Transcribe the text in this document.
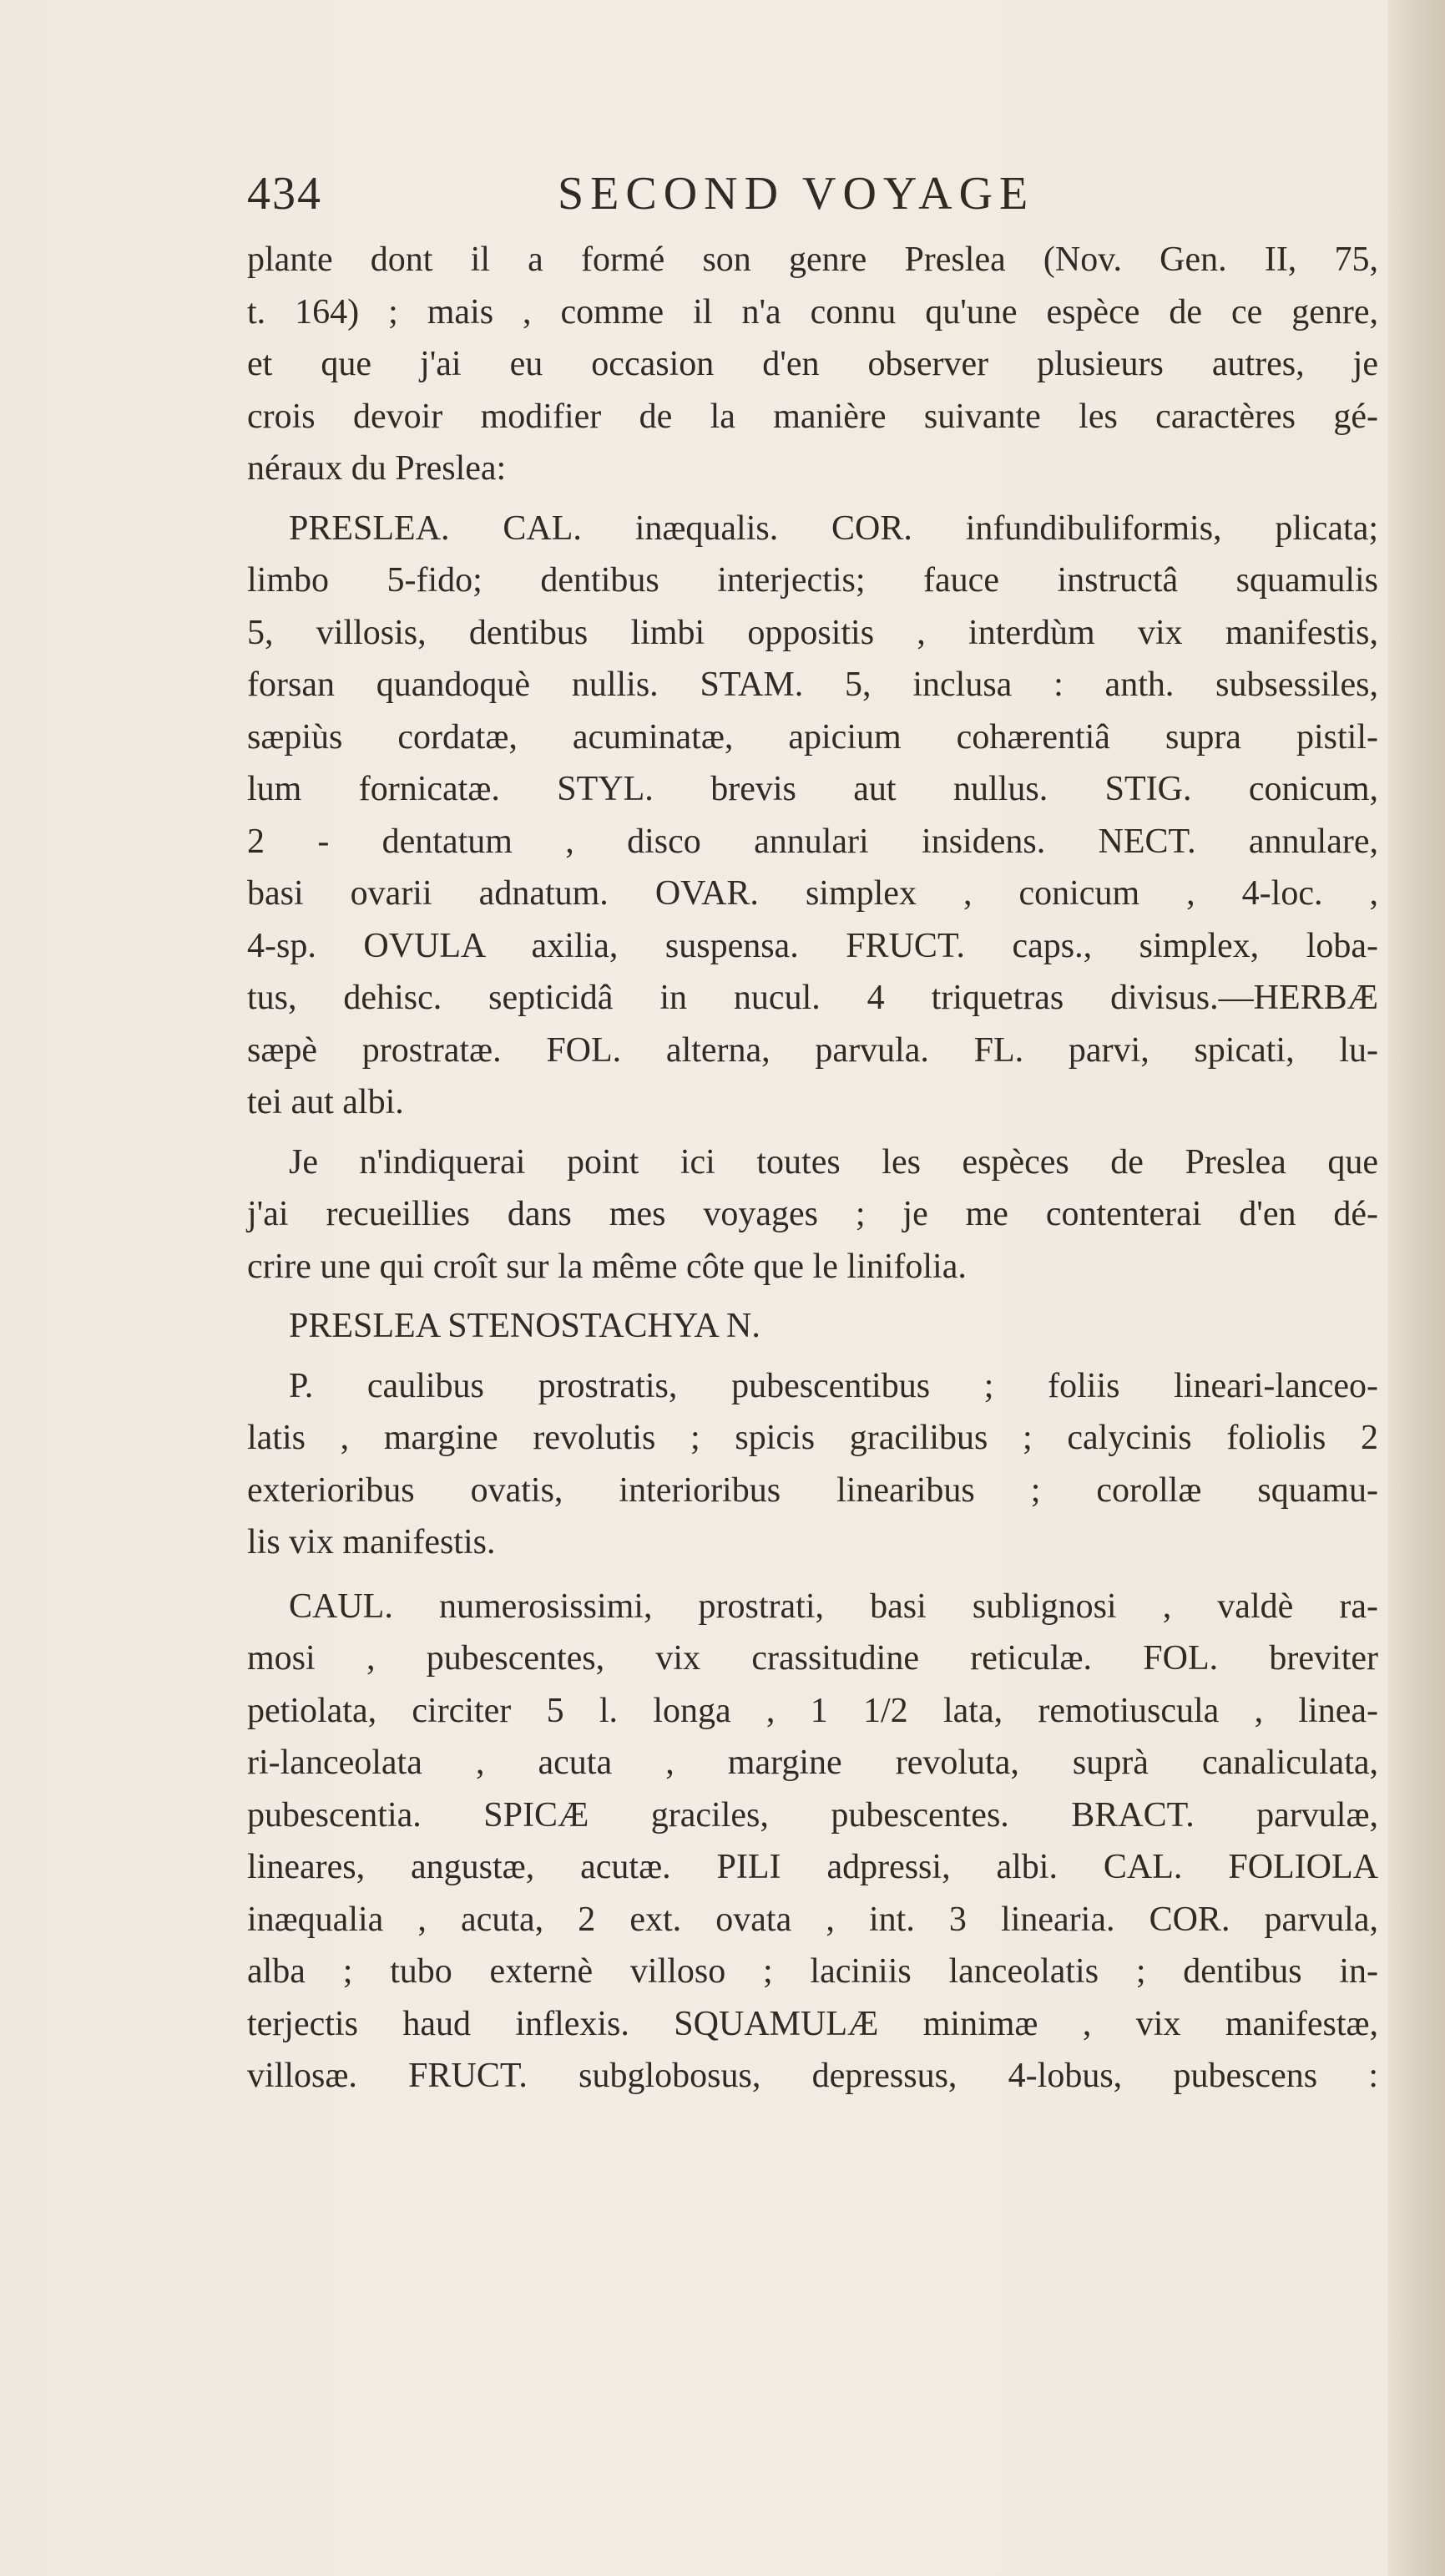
434	SECOND VOYAGE
plante dont il a formé son genre Preslea (Nov. Gen. II, 75,
t. 164) ; mais , comme il n'a connu qu'une espèce de ce genre,
et que j'ai eu occasion d'en observer plusieurs autres, je
crois devoir modifier de la manière suivante les caractères gé-
néraux du Preslea:
PRESLEA. CAL. inæqualis. COR. infundibuliformis, plicata;
limbo 5-fido; dentibus interjectis; fauce instructâ squamulis
5, villosis, dentibus limbi oppositis , interdùm vix manifestis,
forsan quandoquè nullis. STAM. 5, inclusa : anth. subsessiles,
sæpiùs cordatæ, acuminatæ, apicium cohærentiâ supra pistil-
lum fornicatæ. STYL. brevis aut nullus. STIG. conicum,
2 - dentatum , disco annulari insidens. NECT. annulare,
basi ovarii adnatum. OVAR. simplex , conicum , 4-loc. ,
4-sp. OVULA axilia, suspensa. FRUCT. caps., simplex, loba-
tus, dehisc. septicidâ in nucul. 4 triquetras divisus.—HERBÆ
sæpè prostratæ. FOL. alterna, parvula. FL. parvi, spicati, lu-
tei aut albi.
Je n'indiquerai point ici toutes les espèces de Preslea que
j'ai recueillies dans mes voyages ; je me contenterai d'en dé-
crire une qui croît sur la même côte que le linifolia.
PRESLEA STENOSTACHYA N.
P. caulibus prostratis, pubescentibus ; foliis lineari-lanceo-
latis , margine revolutis ; spicis gracilibus ; calycinis foliolis 2
exterioribus ovatis, interioribus linearibus ; corollæ squamu-
lis vix manifestis.
CAUL. numerosissimi, prostrati, basi sublignosi , valdè ra-
mosi , pubescentes, vix crassitudine reticulæ. FOL. breviter
petiolata, circiter 5 l. longa , 1 1/2 lata, remotiuscula , linea-
ri-lanceolata , acuta , margine revoluta, suprà canaliculata,
pubescentia. SPICÆ graciles, pubescentes. BRACT. parvulæ,
lineares, angustæ, acutæ. PILI adpressi, albi. CAL. FOLIOLA
inæqualia , acuta, 2 ext. ovata , int. 3 linearia. COR. parvula,
alba ; tubo externè villoso ; laciniis lanceolatis ; dentibus in-
terjectis haud inflexis. SQUAMULÆ minimæ , vix manifestæ,
villosæ. FRUCT. subglobosus, depressus, 4-lobus, pubescens :
